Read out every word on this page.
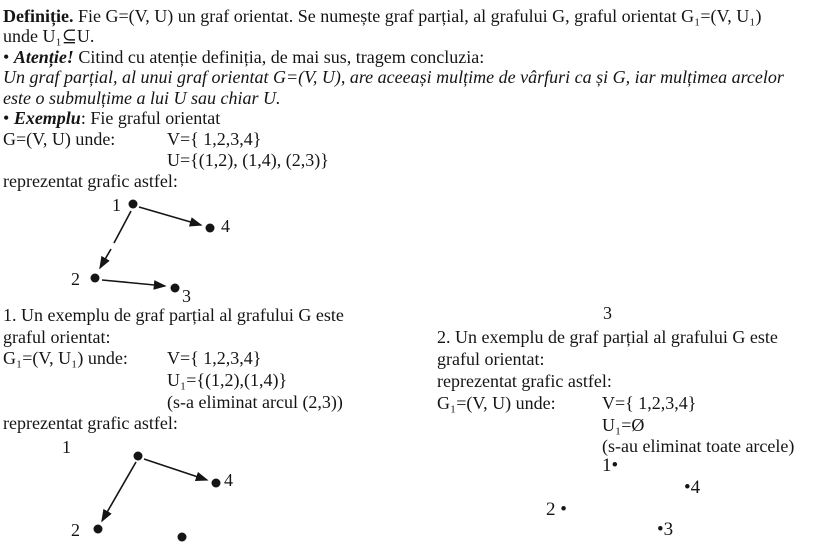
Definiție. Fie G=(V, U) un graf orientat. Se numește graf parțial, al grafului G, graful orientat G₁=(V, U₁)
unde U₁⊆U.
• Atenție! Citind cu atenție definiția, de mai sus, tragem concluzia:
Un graf parțial, al unui graf orientat G=(V, U), are aceeași mulțime de vârfuri ca și G, iar mulțimea arcelor
este o submulțime a lui U sau chiar U.
• Exemplu: Fie graful orientat
G=(V, U) unde:	V={ 1,2,3,4}
U={(1,2), (1,4), (2,3)}
reprezentat grafic astfel:
1
4
2
3
1. Un exemplu de graf parțial al grafului G este
graful orientat:
G₁=(V, U₁) unde: V={ 1,2,3,4}
U₁={(1,2),(1,4)}
(s-a eliminat arcul (2,3))
reprezentat grafic astfel:
1
4
2
3
2. Un exemplu de graf parțial al grafului G este
graful orientat:
reprezentat grafic astfel:
G₁=(V, U) unde:	V={ 1,2,3,4}
U₁=Ø
(s-au eliminat toate arcele)
1•
•4
2 •
•3
